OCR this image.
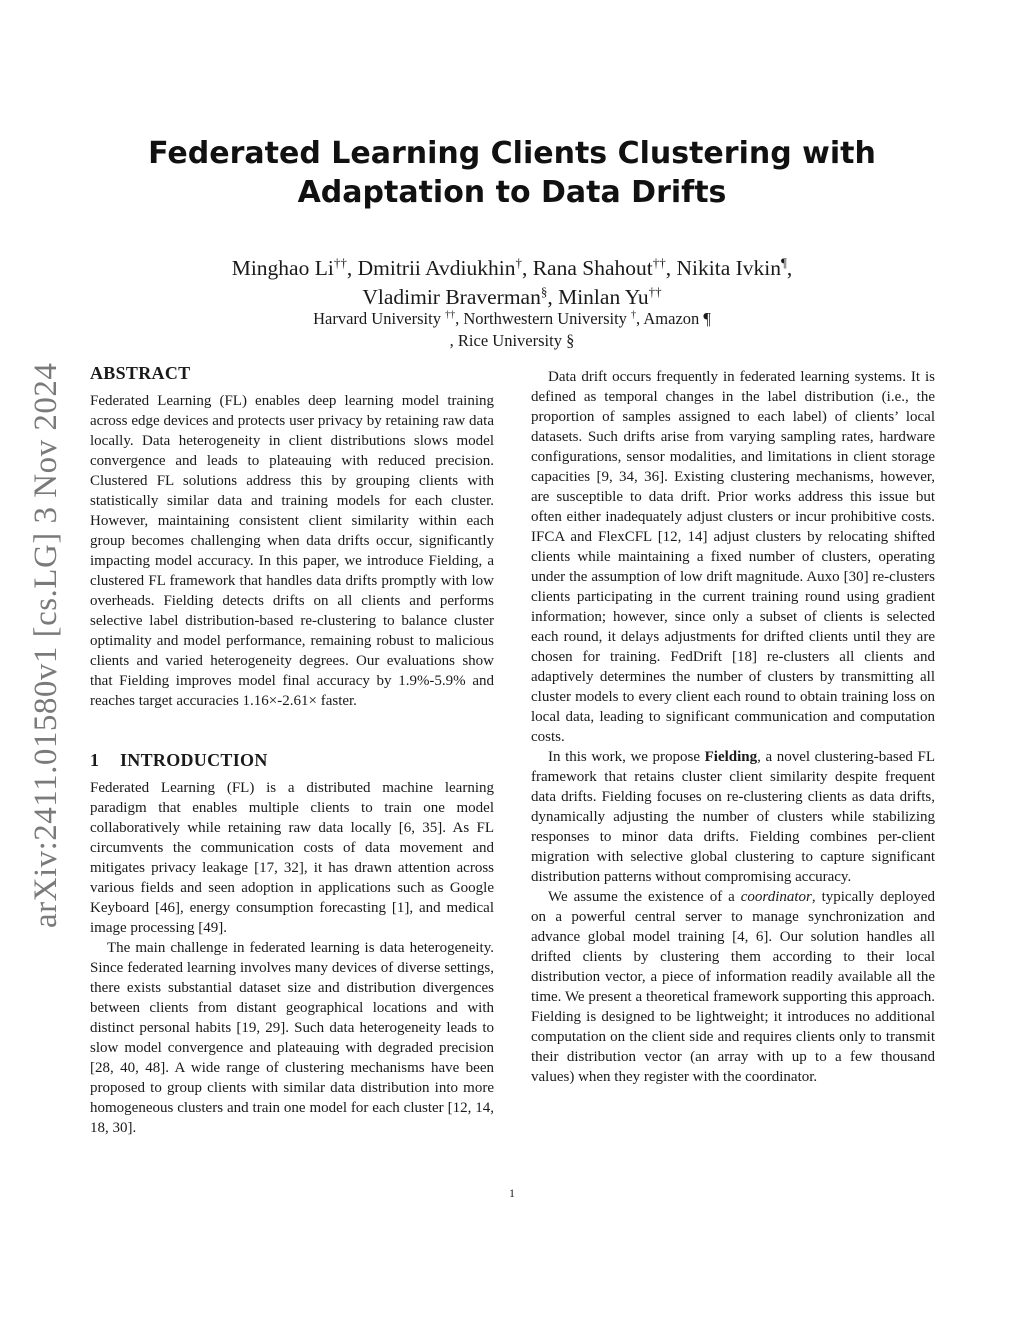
arXiv:2411.01580v1 [cs.LG] 3 Nov 2024
Federated Learning Clients Clustering with
Adaptation to Data Drifts
Minghao Li††, Dmitrii Avdiukhin†, Rana Shahout††, Nikita Ivkin¶,
Vladimir Braverman§, Minlan Yu††
Harvard University ††, Northwestern University †, Amazon ¶
, Rice University §
ABSTRACT

Federated Learning (FL) enables deep learning model training across edge devices and protects user privacy by retaining raw data locally. Data heterogeneity in client distributions slows model convergence and leads to plateauing with reduced precision. Clustered FL solutions address this by grouping clients with statistically similar data and training models for each cluster. However, maintaining consistent client similarity within each group becomes challenging when data drifts occur, significantly impacting model accuracy. In this paper, we introduce Fielding, a clustered FL framework that handles data drifts promptly with low overheads. Fielding detects drifts on all clients and performs selective label distribution-based re-clustering to balance cluster optimality and model performance, remaining robust to malicious clients and varied heterogeneity degrees. Our evaluations show that Fielding improves model final accuracy by 1.9%-5.9% and reaches target accuracies 1.16×-2.61× faster.

1 INTRODUCTION

Federated Learning (FL) is a distributed machine learning paradigm that enables multiple clients to train one model collaboratively while retaining raw data locally [6, 35]. As FL circumvents the communication costs of data movement and mitigates privacy leakage [17, 32], it has drawn attention across various fields and seen adoption in applications such as Google Keyboard [46], energy consumption forecasting [1], and medical image processing [49].

The main challenge in federated learning is data heterogeneity. Since federated learning involves many devices of diverse settings, there exists substantial dataset size and distribution divergences between clients from distant geographical locations and with distinct personal habits [19, 29]. Such data heterogeneity leads to slow model convergence and plateauing with degraded precision [28, 40, 48]. A wide range of clustering mechanisms have been proposed to group clients with similar data distribution into more homogeneous clusters and train one model for each cluster [12, 14, 18, 30].

Data drift occurs frequently in federated learning systems. It is defined as temporal changes in the label distribution (i.e., the proportion of samples assigned to each label) of clients’ local datasets. Such drifts arise from varying sampling rates, hardware configurations, sensor modalities, and limitations in client storage capacities [9, 34, 36]. Existing clustering mechanisms, however, are susceptible to data drift. Prior works address this issue but often either inadequately adjust clusters or incur prohibitive costs. IFCA and FlexCFL [12, 14] adjust clusters by relocating shifted clients while maintaining a fixed number of clusters, operating under the assumption of low drift magnitude. Auxo [30] re-clusters clients participating in the current training round using gradient information; however, since only a subset of clients is selected each round, it delays adjustments for drifted clients until they are chosen for training. FedDrift [18] re-clusters all clients and adaptively determines the number of clusters by transmitting all cluster models to every client each round to obtain training loss on local data, leading to significant communication and computation costs.

In this work, we propose Fielding, a novel clustering-based FL framework that retains cluster client similarity despite frequent data drifts. Fielding focuses on re-clustering clients as data drifts, dynamically adjusting the number of clusters while stabilizing responses to minor data drifts. Fielding combines per-client migration with selective global clustering to capture significant distribution patterns without compromising accuracy.

We assume the existence of a coordinator, typically deployed on a powerful central server to manage synchronization and advance global model training [4, 6]. Our solution handles all drifted clients by clustering them according to their local distribution vector, a piece of information readily available all the time. We present a theoretical framework supporting this approach. Fielding is designed to be lightweight; it introduces no additional computation on the client side and requires clients only to transmit their distribution vector (an array with up to a few thousand values) when they register with the coordinator.

1
